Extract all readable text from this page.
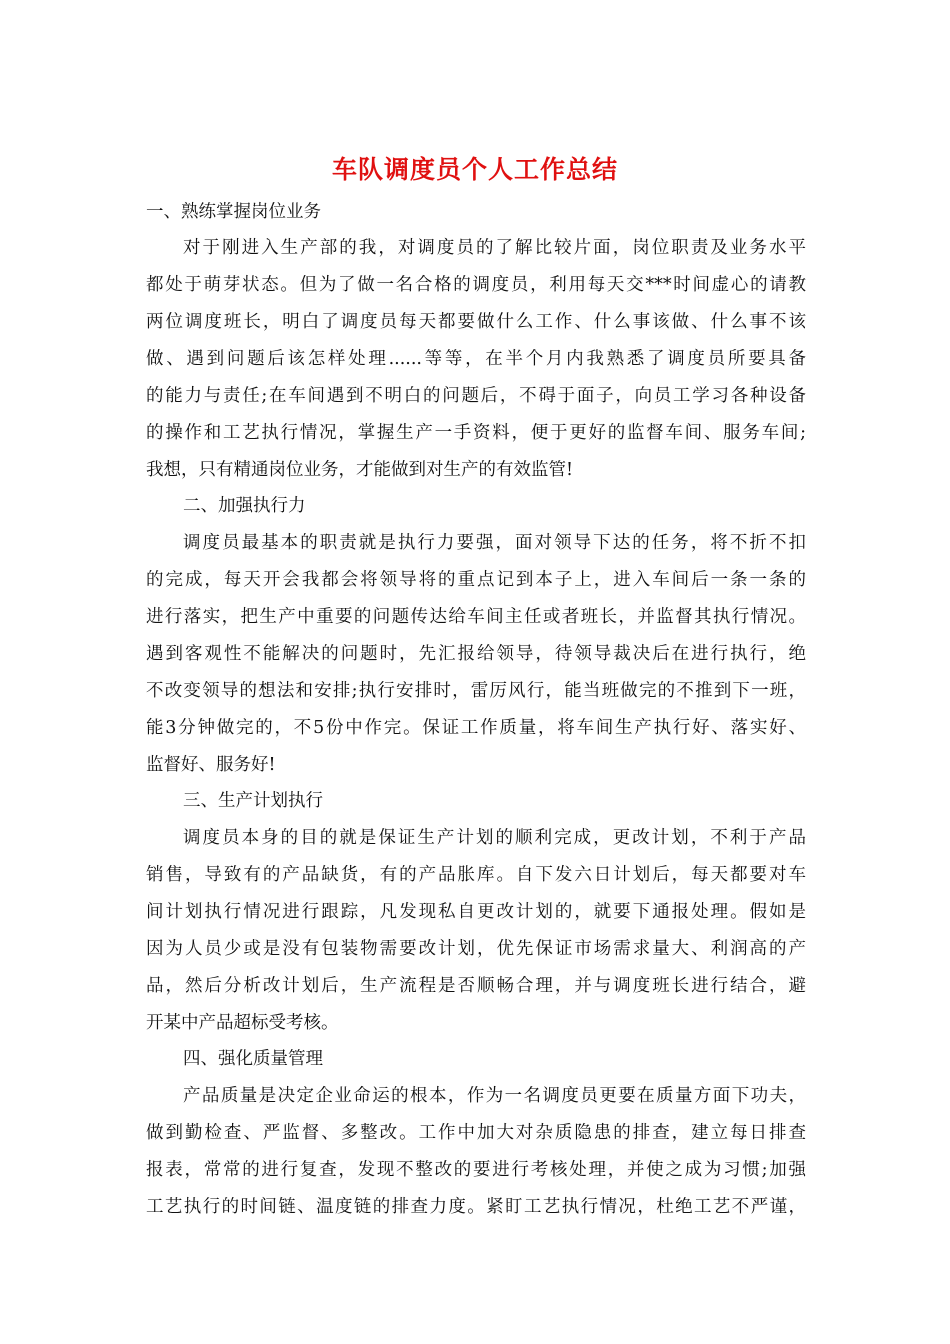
车队调度员个人工作总结
一、熟练掌握岗位业务
对于刚进入生产部的我，对调度员的了解比较片面，岗位职责及业务水平
都处于萌芽状态。但为了做一名合格的调度员，利用每天交***时间虚心的请教
两位调度班长，明白了调度员每天都要做什么工作、什么事该做、什么事不该
做、遇到问题后该怎样处理......等等，在半个月内我熟悉了调度员所要具备
的能力与责任;在车间遇到不明白的问题后，不碍于面子，向员工学习各种设备
的操作和工艺执行情况，掌握生产一手资料，便于更好的监督车间、服务车间;
我想，只有精通岗位业务，才能做到对生产的有效监管!
二、加强执行力
调度员最基本的职责就是执行力要强，面对领导下达的任务，将不折不扣
的完成，每天开会我都会将领导将的重点记到本子上，进入车间后一条一条的
进行落实，把生产中重要的问题传达给车间主任或者班长，并监督其执行情况。
遇到客观性不能解决的问题时，先汇报给领导，待领导裁决后在进行执行，绝
不改变领导的想法和安排;执行安排时，雷厉风行，能当班做完的不推到下一班，
能3分钟做完的，不5份中作完。保证工作质量，将车间生产执行好、落实好、
监督好、服务好!
三、生产计划执行
调度员本身的目的就是保证生产计划的顺利完成，更改计划，不利于产品
销售，导致有的产品缺货，有的产品胀库。自下发六日计划后，每天都要对车
间计划执行情况进行跟踪，凡发现私自更改计划的，就要下通报处理。假如是
因为人员少或是没有包装物需要改计划，优先保证市场需求量大、利润高的产
品，然后分析改计划后，生产流程是否顺畅合理，并与调度班长进行结合，避
开某中产品超标受考核。
四、强化质量管理
产品质量是决定企业命运的根本，作为一名调度员更要在质量方面下功夫，
做到勤检查、严监督、多整改。工作中加大对杂质隐患的排查，建立每日排查
报表，常常的进行复查，发现不整改的要进行考核处理，并使之成为习惯;加强
工艺执行的时间链、温度链的排查力度。紧盯工艺执行情况，杜绝工艺不严谨，
